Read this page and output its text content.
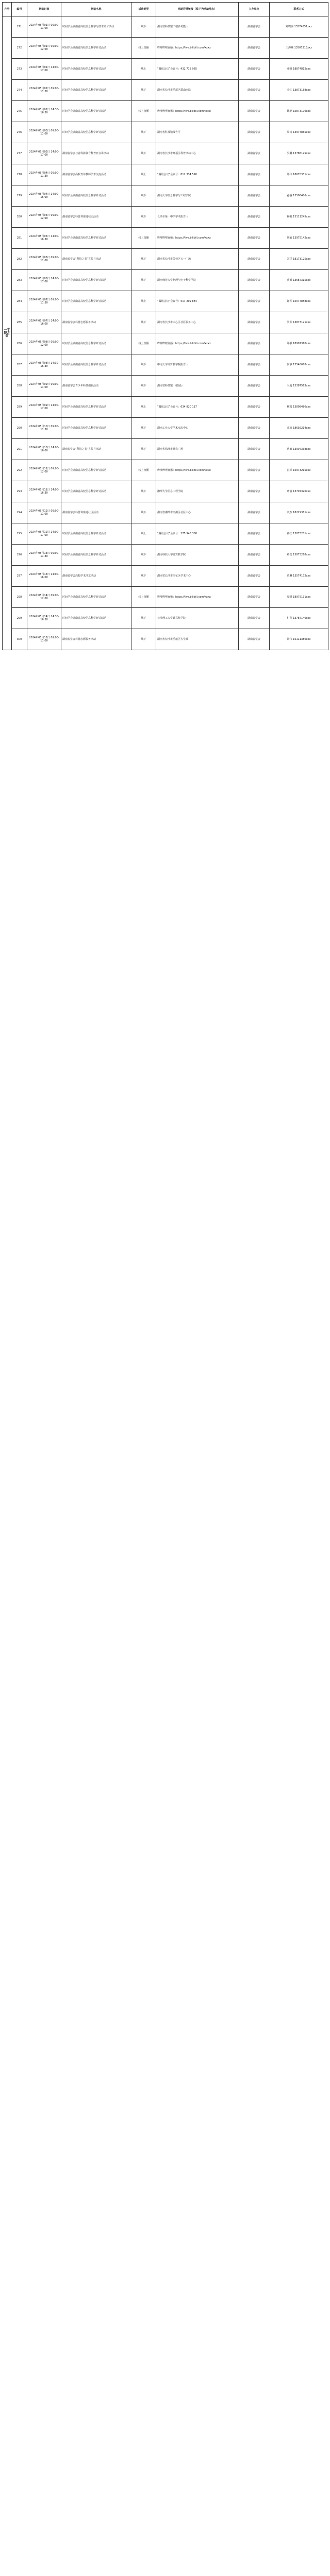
序号	编号	活动时间	活动名称	活动类型	活动详情链接（线下为活动地点）	主办单位	联系方式
一学院之窗	271	2024年05月01日 09:00-11:00	时间学会湖南省高校信息科学与技术研讨活动	线下	湖南省科技馆二楼多功能厅	湖南省学会	刘晓丽 13574851xxx
	272	2024年05月01日 09:00-12:00	时间学会湖南省高校信息科学研讨活动	线上直播	哔哩哔哩直播：https://live.bilibili.com/xxxx	湖南省学会	王海燕 13507313xxx
	273	2024年05月01日 14:00-17:00	时间学会湖南省高校信息科学研讨活动	线上	“腾讯会议”会议号：432 718 965	湖南省学会	张明 18874812xxx
	274	2024年05月02日 09:00-11:30	时间学会湖南省高校信息科学研讨活动	线下	湖南省长沙市岳麓区麓山南路	湖南省学会	李红 13873158xxx
	275	2024年05月02日 14:30-16:30	时间学会湖南省高校信息科学研讨活动	线上直播	哔哩哔哩直播：https://live.bilibili.com/xxxx	湖南省学会	陈静 15873106xxx
	276	2024年05月03日 09:00-11:00	时间学会湖南省高校信息科学研讨活动	线下	湖南省科技馆报告厅	湖南省学会	周涛 13974865xxx
	277	2024年05月03日 14:00-17:00	湖南省学会与省科协联合科普日宣讲活动	线下	湖南省长沙市开福区科普活动中心	湖南省学会	吴琳 13786125xxx
	278	2024年05月04日 09:00-11:30	湖南省学会高校青年教师学术交流活动	线上	“腾讯会议”会议号：812 334 590	湖南省学会	郑伟 18670331xxx
	279	2024年05月04日 14:00-16:00	时间学会湖南省高校信息科学研讨活动	线下	湖南大学信息科学与工程学院	湖南省学会	孙丽 13508486xxx
	280	2024年05月05日 09:00-12:00	湖南省学会科普讲座进校园活动	线下	长沙市第一中学学术报告厅	湖南省学会	杨帆 15111245xxx
	281	2024年05月05日 14:00-16:30	时间学会湖南省高校信息科学研讨活动	线上直播	哔哩哔哩直播：https://live.bilibili.com/xxxx	湖南省学会	胡敏 13975142xxx
	282	2024年05月06日 09:00-11:00	湖南省学会“科技之春”宣传月活动	线下	湖南省长沙市芙蓉区五一广场	湖南省学会	刘洋 18173125xxx
	283	2024年05月06日 14:00-17:00	时间学会湖南省高校信息科学研讨活动	线下	湖南师范大学物理与电子科学学院	湖南省学会	黄娟 13687315xxx
	284	2024年05月07日 09:00-11:30	时间学会湖南省高校信息科学研讨活动	线上	“腾讯会议”会议号：517 209 884	湖南省学会	谢军 15074858xxx
	285	2024年05月07日 14:00-16:00	湖南省学会科普志愿服务活动	线下	湖南省长沙市天心区社区服务中心	湖南省学会	罗芳 13873121xxx
	286	2024年05月08日 09:00-12:00	时间学会湖南省高校信息科学研讨活动	线上直播	哔哩哔哩直播：https://live.bilibili.com/xxxx	湖南省学会	许强 18907310xxx
	287	2024年05月08日 14:30-16:30	时间学会湖南省高校信息科学研讨活动	线下	中南大学计算机学院报告厅	湖南省学会	何静 13548678xxx
	288	2024年05月09日 09:00-11:00	湖南省学会青少年科技创新活动	线下	湖南省科技馆一楼展厅	湖南省学会	马超 15387563xxx
	289	2024年05月09日 14:00-17:00	时间学会湖南省高校信息科学研讨活动	线上	“腾讯会议”会议号：634 820 117	湖南省学会	林霞 13808480xxx
	290	2024年05月10日 09:00-11:30	时间学会湖南省高校信息科学研讨活动	线下	湖南工业大学学术交流中心	湖南省学会	邓波 18692214xxx
	291	2024年05月10日 14:00-16:00	湖南省学会“科技之春”宣传月活动	线下	湖南省株洲市神农广场	湖南省学会	曾敏 13907338xxx
	292	2024年05月11日 09:00-12:00	时间学会湖南省高校信息科学研讨活动	线上直播	哔哩哔哩直播：https://live.bilibili.com/xxxx	湖南省学会	彭辉 15973215xxx
	293	2024年05月11日 14:00-16:30	时间学会湖南省高校信息科学研讨活动	线下	湘潭大学信息工程学院	湖南省学会	唐丽 13707320xxx
	294	2024年05月12日 09:00-11:00	湖南省学会科普讲座进社区活动	线下	湖南省湘潭市雨湖区社区中心	湖南省学会	袁杰 18229381xxx
	295	2024年05月12日 14:00-17:00	时间学会湖南省高校信息科学研讨活动	线上	“腾讯会议”会议号：275 946 308	湖南省学会	蒋红 13873201xxx
	296	2024年05月13日 09:00-11:30	时间学会湖南省高校信息科学研讨活动	线下	湖南科技大学计算机学院	湖南省学会	蔡勇 15873268xxx
	297	2024年05月13日 14:00-16:00	湖南省学会高校学术沙龙活动	线下	湖南省长沙市雨花区学术中心	湖南省学会	贾琳 13574172xxx
	298	2024年05月14日 09:00-12:00	时间学会湖南省高校信息科学研讨活动	线上直播	哔哩哔哩直播：https://live.bilibili.com/xxxx	湖南省学会	夏明 18975131xxx
	299	2024年05月14日 14:30-16:30	时间学会湖南省高校信息科学研讨活动	线下	长沙理工大学计算机学院	湖南省学会	付芳 13787140xxx
	300	2024年05月15日 09:00-11:00	湖南省学会科普志愿服务活动	线下	湖南省长沙市岳麓区大学城	湖南省学会	钟伟 15111380xxx
